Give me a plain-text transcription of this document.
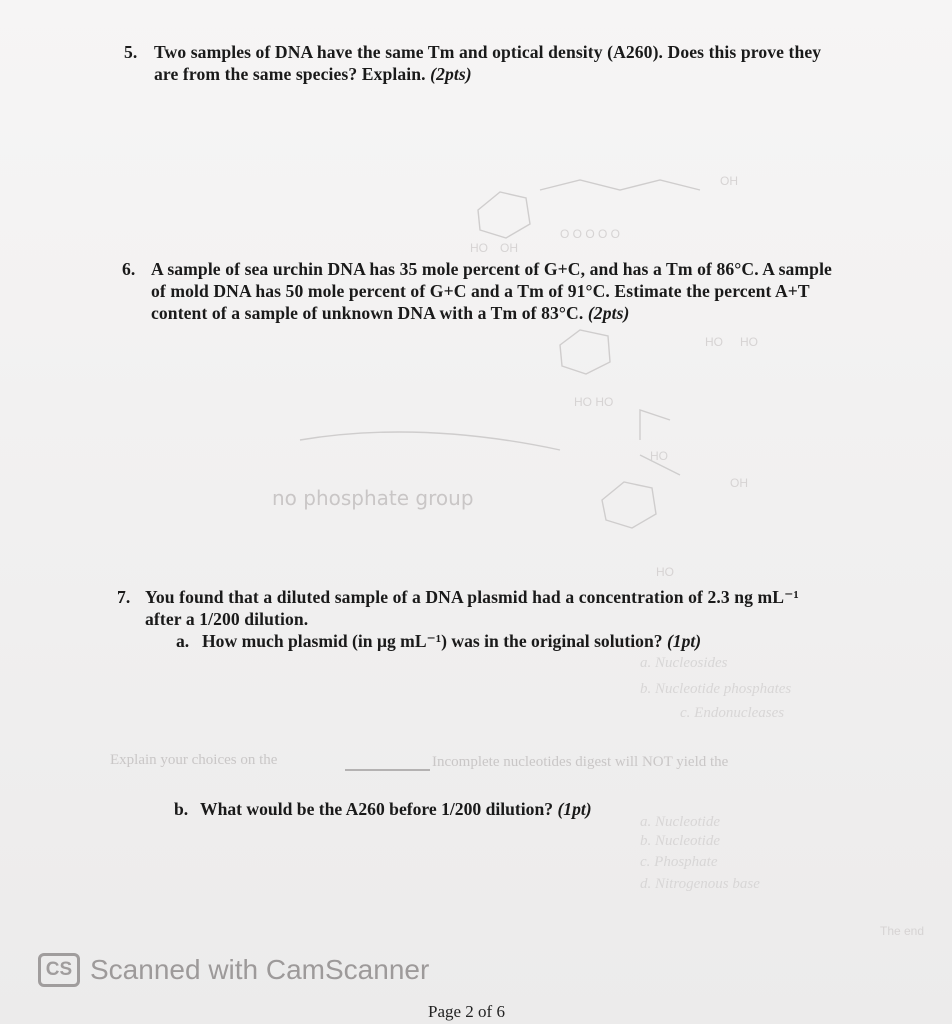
HO OH
O O O O O
OH
HO HO
HO HO
HO
OH
HO
The end
a. Nucleosides
b. Nucleotide phosphates
c. Endonucleases
a. Nucleotide
b. Nucleotide
c. Phosphate
d. Nitrogenous base
Explain your choices on the	Incomplete nucleotides digest will NOT yield the
no phosphate group
5. Two samples of DNA have the same Tm and optical density (A260). Does this prove they
are from the same species? Explain. (2pts)
6. A sample of sea urchin DNA has 35 mole percent of G+C, and has a Tm of 86°C. A sample
of mold DNA has 50 mole percent of G+C and a Tm of 91°C. Estimate the percent A+T
content of a sample of unknown DNA with a Tm of 83°C. (2pts)
7. You found that a diluted sample of a DNA plasmid had a concentration of 2.3 ng mL⁻¹
after a 1/200 dilution.
a. How much plasmid (in μg mL⁻¹) was in the original solution? (1pt)
b. What would be the A260 before 1/200 dilution? (1pt)
CS Scanned with CamScanner
Page 2 of 6
